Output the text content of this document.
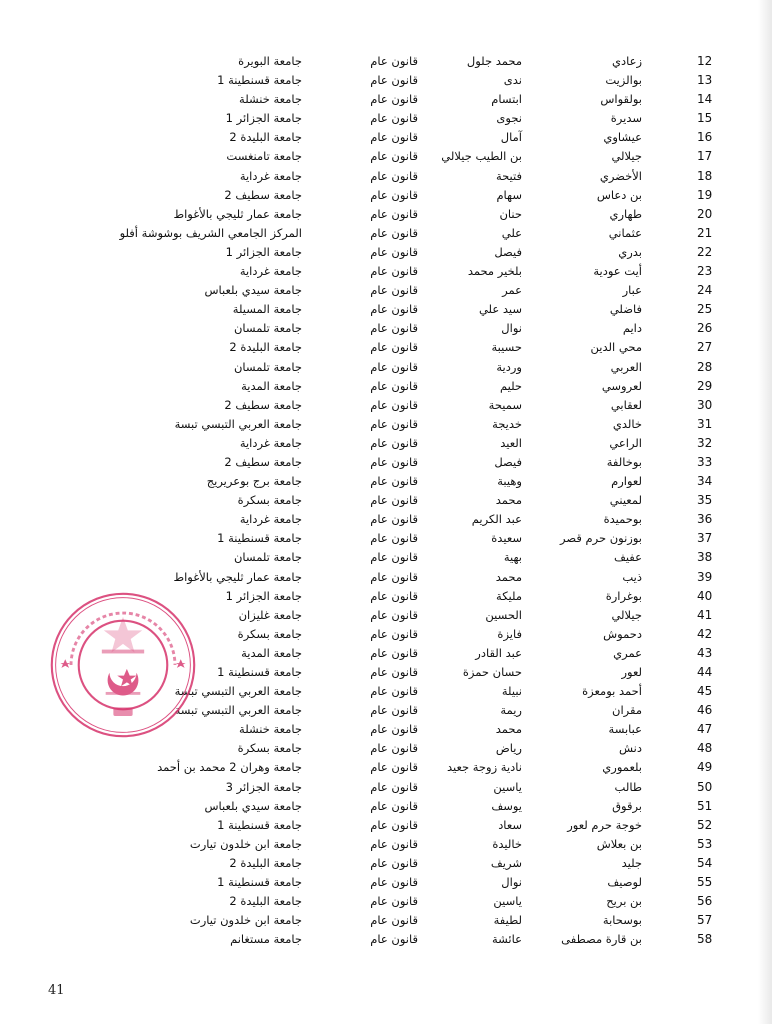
12
زعادي
محمد جلول
قانون عام
جامعة البويرة
13
بوالزيت
ندى
قانون عام
جامعة قسنطينة 1
14
بولقواس
ابتسام
قانون عام
جامعة خنشلة
15
سديرة
نجوى
قانون عام
جامعة الجزائر 1
16
عيشاوي
آمال
قانون عام
جامعة البليدة 2
17
جيلالي
بن الطيب جيلالي
قانون عام
جامعة تامنغست
18
الأخضري
فتيحة
قانون عام
جامعة غرداية
19
بن دعاس
سهام
قانون عام
جامعة سطيف 2
20
طهاري
حنان
قانون عام
جامعة عمار ثليجي بالأغواط
21
عثماني
علي
قانون عام
المركز الجامعي الشريف بوشوشة أفلو
22
بدري
فيصل
قانون عام
جامعة الجزائر 1
23
أيت عودية
بلخير محمد
قانون عام
جامعة غرداية
24
عبار
عمر
قانون عام
جامعة سيدي بلعباس
25
فاضلي
سيد علي
قانون عام
جامعة المسيلة
26
دايم
نوال
قانون عام
جامعة تلمسان
27
محي الدين
حسيبة
قانون عام
جامعة البليدة 2
28
العربي
وردية
قانون عام
جامعة تلمسان
29
لعروسي
حليم
قانون عام
جامعة المدية
30
لعقابي
سميحة
قانون عام
جامعة سطيف 2
31
خالدي
خديجة
قانون عام
جامعة العربي التبسي تبسة
32
الراعي
العيد
قانون عام
جامعة غرداية
33
بوخالفة
فيصل
قانون عام
جامعة سطيف 2
34
لعوارم
وهيبة
قانون عام
جامعة برج بوعريريج
35
لمعيني
محمد
قانون عام
جامعة بسكرة
36
بوحميدة
عبد الكريم
قانون عام
جامعة غرداية
37
بوزنون حرم قصر
سعيدة
قانون عام
جامعة قسنطينة 1
38
عفيف
بهية
قانون عام
جامعة تلمسان
39
ذيب
محمد
قانون عام
جامعة عمار ثليجي بالأغواط
40
بوغرارة
مليكة
قانون عام
جامعة الجزائر 1
41
جيلالي
الحسين
قانون عام
جامعة غليزان
42
دحموش
فايزة
قانون عام
جامعة بسكرة
43
عمري
عبد القادر
قانون عام
جامعة المدية
44
لعور
حسان حمزة
قانون عام
جامعة قسنطينة 1
45
أحمد بومعزة
نبيلة
قانون عام
جامعة العربي التبسي تبسة
46
مقران
ريمة
قانون عام
جامعة العربي التبسي تبسة
47
عبابسة
محمد
قانون عام
جامعة خنشلة
48
دنش
رياض
قانون عام
جامعة بسكرة
49
بلعموري
نادية زوجة جعيد
قانون عام
جامعة وهران 2 محمد بن أحمد
50
طالب
ياسين
قانون عام
جامعة الجزائر 3
51
برقوق
يوسف
قانون عام
جامعة سيدي بلعباس
52
خوجة حرم لعور
سعاد
قانون عام
جامعة قسنطينة 1
53
بن بعلاش
خاليدة
قانون عام
جامعة ابن خلدون تيارت
54
جليد
شريف
قانون عام
جامعة البليدة 2
55
لوصيف
نوال
قانون عام
جامعة قسنطينة 1
56
بن بريح
ياسين
قانون عام
جامعة البليدة 2
57
بوسحابة
لطيفة
قانون عام
جامعة ابن خلدون تيارت
58
بن قارة مصطفى
عائشة
قانون عام
جامعة مستغانم
41
